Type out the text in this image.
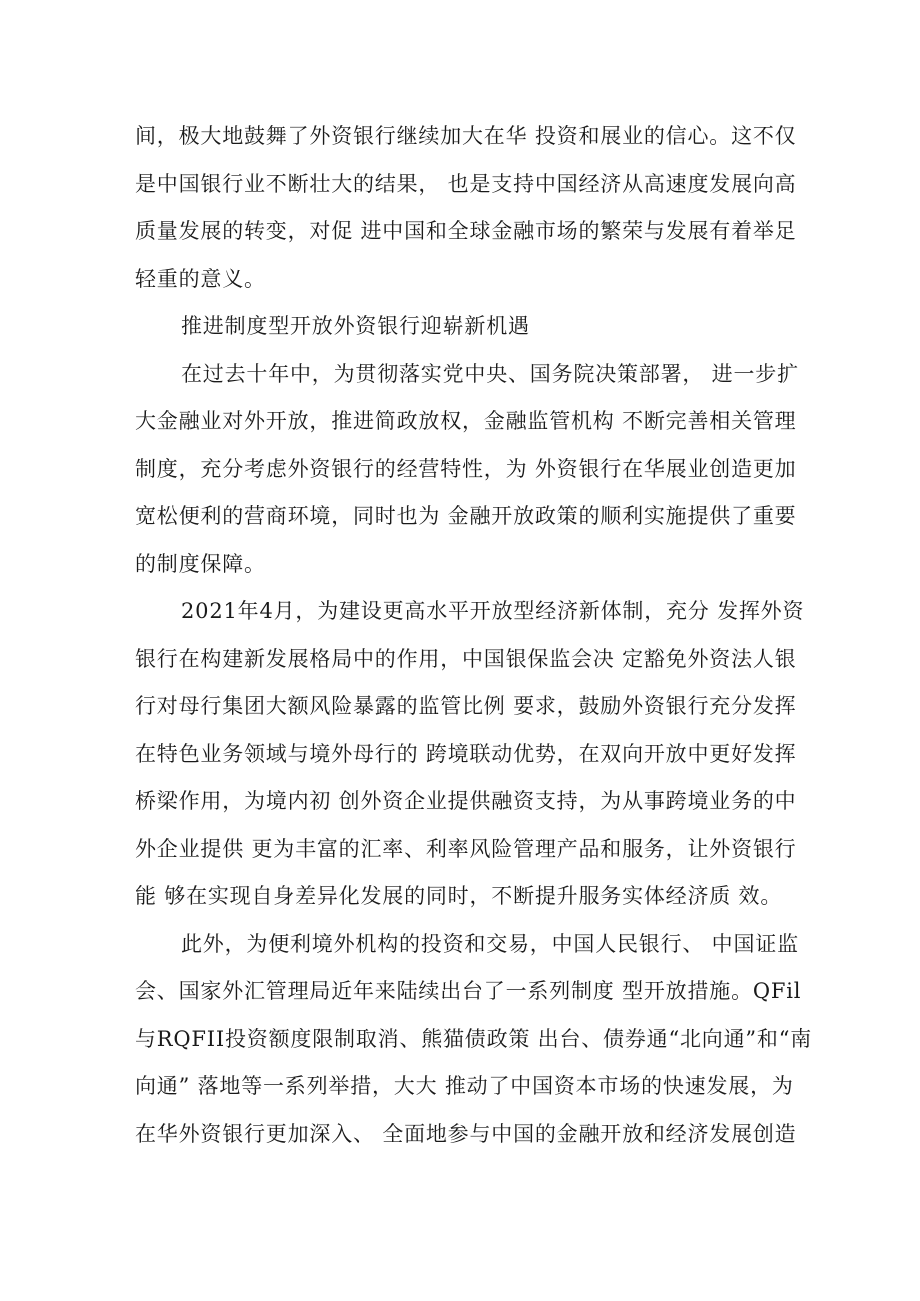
间，极大地鼓舞了外资银行继续加大在华 投资和展业的信心。这不仅
是中国银行业不断壮大的结果， 也是支持中国经济从高速度发展向高
质量发展的转变，对促 进中国和全球金融市场的繁荣与发展有着举足
轻重的意义。
推进制度型开放外资银行迎崭新机遇
在过去十年中，为贯彻落实党中央、国务院决策部署， 进一步扩
大金融业对外开放，推进简政放权，金融监管机构 不断完善相关管理
制度，充分考虑外资银行的经营特性，为 外资银行在华展业创造更加
宽松便利的营商环境，同时也为 金融开放政策的顺利实施提供了重要
的制度保障。
2021年4月，为建设更高水平开放型经济新体制，充分 发挥外资
银行在构建新发展格局中的作用，中国银保监会决 定豁免外资法人银
行对母行集团大额风险暴露的监管比例 要求，鼓励外资银行充分发挥
在特色业务领域与境外母行的 跨境联动优势，在双向开放中更好发挥
桥梁作用，为境内初 创外资企业提供融资支持，为从事跨境业务的中
外企业提供 更为丰富的汇率、利率风险管理产品和服务，让外资银行
能 够在实现自身差异化发展的同时，不断提升服务实体经济质 效。
此外，为便利境外机构的投资和交易，中国人民银行、 中国证监
会、国家外汇管理局近年来陆续出台了一系列制度 型开放措施。QFil
与RQFII投资额度限制取消、熊猫债政策 出台、债券通“北向通”和“南
向通” 落地等一系列举措，大大 推动了中国资本市场的快速发展，为
在华外资银行更加深入、 全面地参与中国的金融开放和经济发展创造
